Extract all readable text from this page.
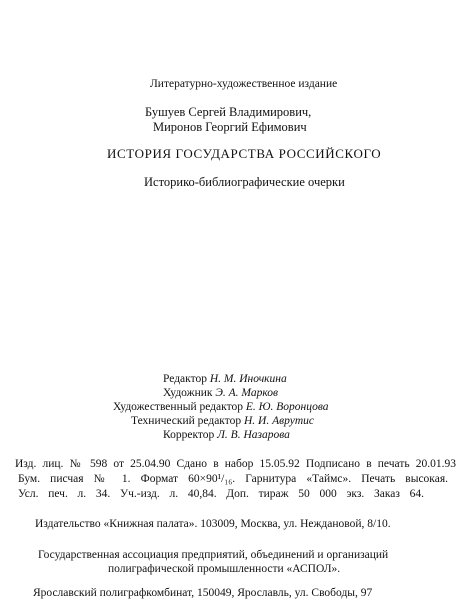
Литературно-художественное издание
Бушуев Сергей Владимирович,
Миронов Георгий Ефимович
ИСТОРИЯ ГОСУДАРСТВА РОССИЙСКОГО
Историко-библиографические очерки
Редактор Н. М. Иночкина
Художник Э. А. Марков
Художественный редактор Е. Ю. Воронцова
Технический редактор Н. И. Аврутис
Корректор Л. В. Назарова
Изд. лиц. № 598 от 25.04.90 Сдано в набор 15.05.92 Подписано в печать 20.01.93
Бум. писчая № 1. Формат 60×90¹/₁₆. Гарнитура «Таймс». Печать высокая.
Усл. печ. л. 34. Уч.-изд. л. 40,84. Доп. тираж 50 000 экз. Заказ 64.
Издательство «Книжная палата». 103009, Москва, ул. Неждановой, 8/10.
Государственная ассоциация предприятий, объединений и организаций
полиграфической промышленности «АСПОЛ».
Ярославский полиграфкомбинат, 150049, Ярославль, ул. Свободы, 97
